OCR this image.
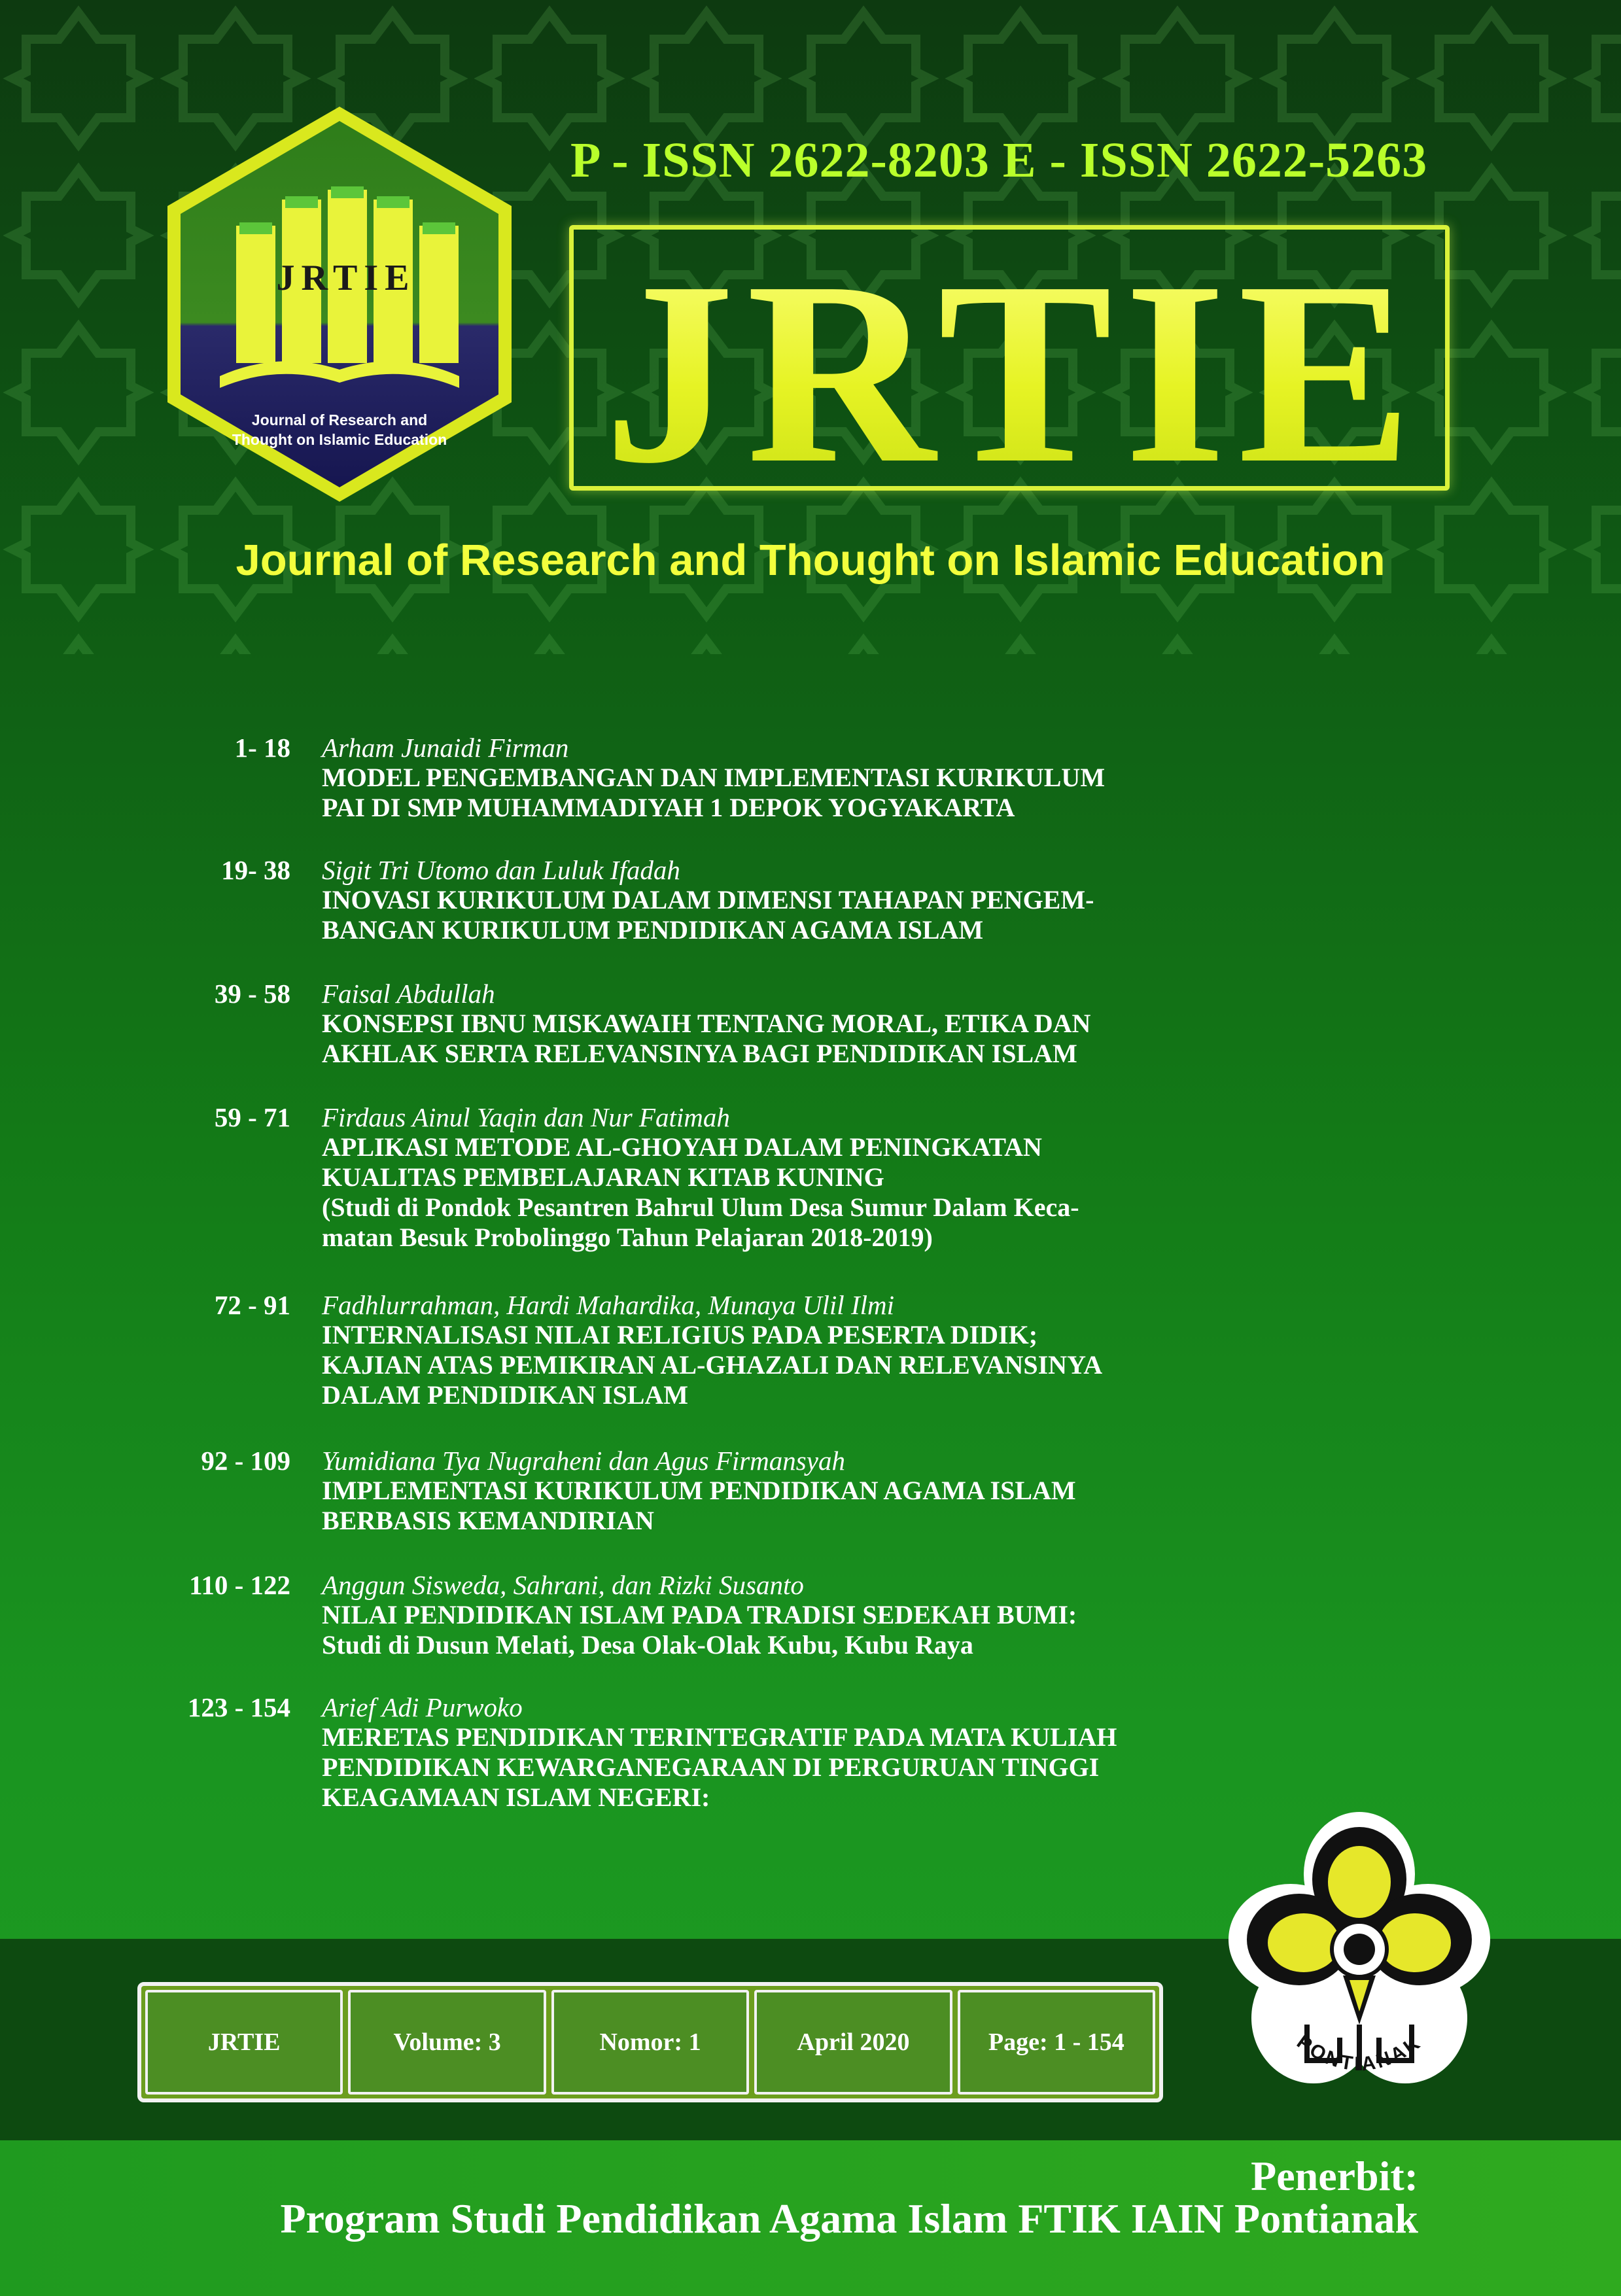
JRTIE
Journal of Research and
Thought on Islamic Education
P - ISSN 2622-8203 E - ISSN 2622-5263
JRTIE
Journal of Research and Thought on Islamic Education
1- 18 Arham Junaidi Firman
MODEL PENGEMBANGAN DAN IMPLEMENTASI KURIKULUM
PAI DI SMP MUHAMMADIYAH 1 DEPOK YOGYAKARTA
19- 38 Sigit Tri Utomo dan Luluk Ifadah
INOVASI KURIKULUM DALAM DIMENSI TAHAPAN PENGEM-
BANGAN KURIKULUM PENDIDIKAN AGAMA ISLAM
39 - 58 Faisal Abdullah
KONSEPSI IBNU MISKAWAIH TENTANG MORAL, ETIKA DAN
AKHLAK SERTA RELEVANSINYA BAGI PENDIDIKAN ISLAM
59 - 71 Firdaus Ainul Yaqin dan Nur Fatimah
APLIKASI METODE AL-GHOYAH DALAM PENINGKATAN
KUALITAS PEMBELAJARAN KITAB KUNING
(Studi di Pondok Pesantren Bahrul Ulum Desa Sumur Dalam Keca-
matan Besuk Probolinggo Tahun Pelajaran 2018-2019)
72 - 91 Fadhlurrahman, Hardi Mahardika, Munaya Ulil Ilmi
INTERNALISASI NILAI RELIGIUS PADA PESERTA DIDIK;
KAJIAN ATAS PEMIKIRAN AL-GHAZALI DAN RELEVANSINYA
DALAM PENDIDIKAN ISLAM
92 - 109 Yumidiana Tya Nugraheni dan Agus Firmansyah
IMPLEMENTASI KURIKULUM PENDIDIKAN AGAMA ISLAM
BERBASIS KEMANDIRIAN
110 - 122 Anggun Sisweda, Sahrani, dan Rizki Susanto
NILAI PENDIDIKAN ISLAM PADA TRADISI SEDEKAH BUMI:
Studi di Dusun Melati, Desa Olak-Olak Kubu, Kubu Raya
123 - 154 Arief Adi Purwoko
MERETAS PENDIDIKAN TERINTEGRATIF PADA MATA KULIAH
PENDIDIKAN KEWARGANEGARAAN DI PERGURUAN TINGGI
KEAGAMAAN ISLAM NEGERI:
JRTIE	Volume: 3	Nomor: 1	April 2020	Page: 1 - 154	PONTIANAK
Penerbit:
Program Studi Pendidikan Agama Islam FTIK IAIN Pontianak
